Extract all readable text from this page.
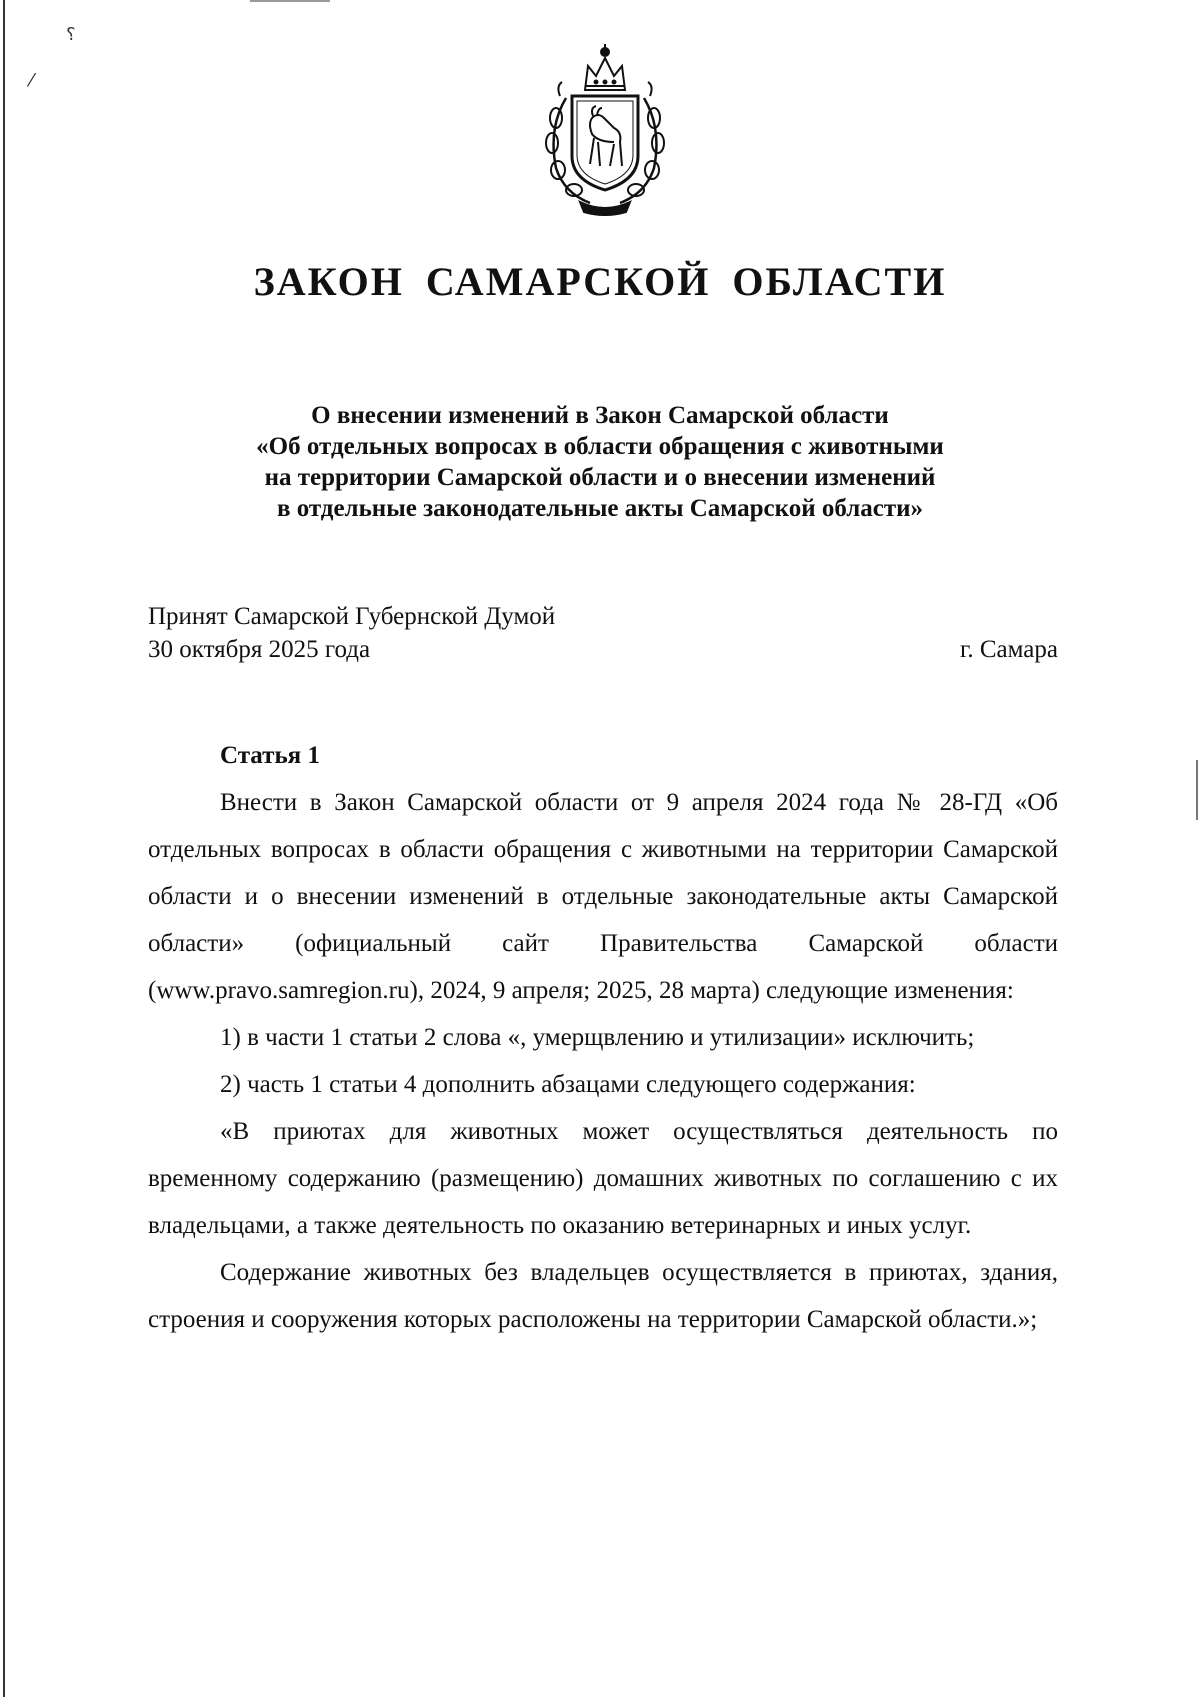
⸮
⁄
ЗАКОН САМАРСКОЙ ОБЛАСТИ
О внесении изменений в Закон Самарской области
«Об отдельных вопросах в области обращения с животными
на территории Самарской области и о внесении изменений
в отдельные законодательные акты Самарской области»
Принят Самарской Губернской Думой
30 октября 2025 года	г. Самара

Статья 1

Внести в Закон Самарской области от 9 апреля 2024 года № 28-ГД «Об отдельных вопросах в области обращения с животными на территории Самарской области и о внесении изменений в отдельные законодательные акты Самарской области» (официальный сайт Правительства Самарской области (www.pravo.samregion.ru), 2024, 9 апреля; 2025, 28 марта) следующие изменения:

1) в части 1 статьи 2 слова «, умерщвлению и утилизации» исключить;

2) часть 1 статьи 4 дополнить абзацами следующего содержания:

«В приютах для животных может осуществляться деятельность по временному содержанию (размещению) домашних животных по соглашению с их владельцами, а также деятельность по оказанию ветеринарных и иных услуг.

Содержание животных без владельцев осуществляется в приютах, здания, строения и сооружения которых расположены на территории Самарской области.»;
